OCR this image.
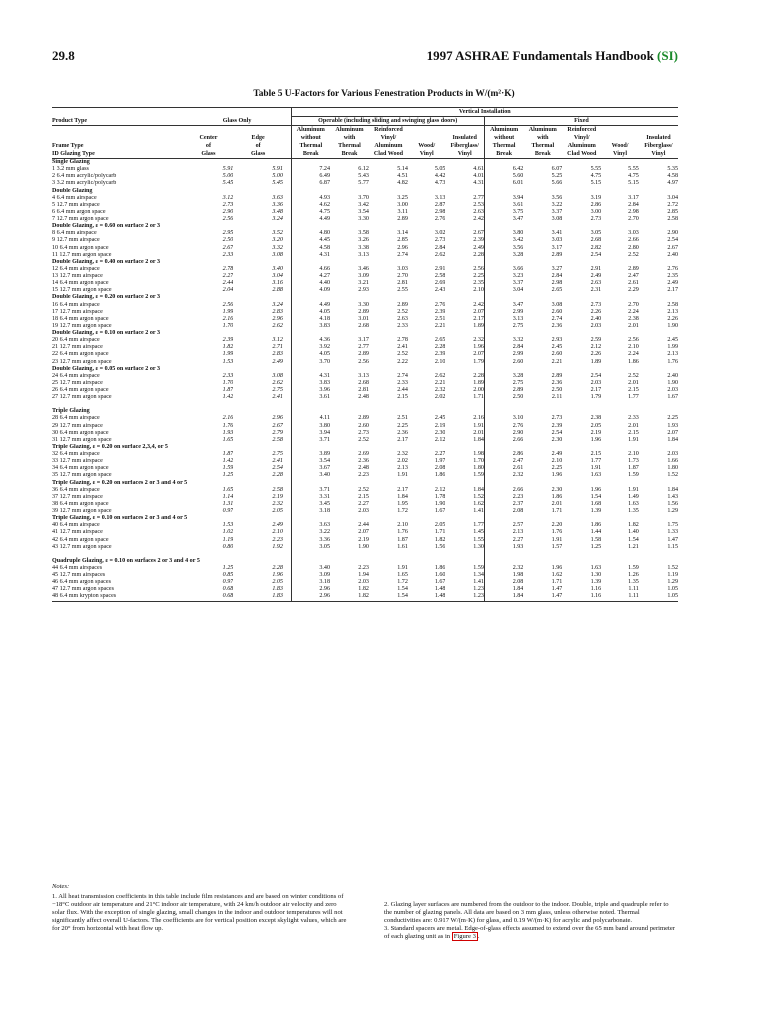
29.8	1997 ASHRAE Fundamentals Handbook (SI)
Table 5 U-Factors for Various Fenestration Products in W/(m²·K)
				Vertical Installation									
Product Type	Glass Only			Operable (including sliding and swinging glass doors)					Fixed				
				Aluminum	Aluminum	Reinforced			Aluminum	Aluminum	Reinforced		
	Center	Edge		without	with	Vinyl/		Insulated	without	with	Vinyl/		Insulated
Frame Type	of	of		Thermal	Thermal	Aluminum	Wood/	Fiberglass/	Thermal	Thermal	Aluminum	Wood/	Fiberglass/
ID Glazing Type	Glass	Glass		Break	Break	Clad Wood	Vinyl	Vinyl	Break	Break	Clad Wood	Vinyl	Vinyl
Single Glazing													
1 3.2 mm glass	5.91	5.91		7.24	6.12	5.14	5.05	4.61	6.42	6.07	5.55	5.55	5.35
2 6.4 mm acrylic/polycarb	5.00	5.00		6.49	5.43	4.51	4.42	4.01	5.60	5.25	4.75	4.75	4.58
3 3.2 mm acrylic/polycarb	5.45	5.45		6.87	5.77	4.82	4.73	4.31	6.01	5.66	5.15	5.15	4.97
Double Glazing													
4 6.4 mm airspace	3.12	3.63		4.93	3.70	3.25	3.13	2.77	3.94	3.56	3.19	3.17	3.04
5 12.7 mm airspace	2.73	3.36		4.62	3.42	3.00	2.87	2.53	3.61	3.22	2.86	2.84	2.72
6 6.4 mm argon space	2.90	3.48		4.75	3.54	3.11	2.98	2.63	3.75	3.37	3.00	2.98	2.85
7 12.7 mm argon space	2.56	3.24		4.49	3.30	2.89	2.76	2.42	3.47	3.08	2.73	2.70	2.58
Double Glazing, ε = 0.60 on surface 2 or 3													
8 6.4 mm airspace	2.95	3.52		4.80	3.58	3.14	3.02	2.67	3.80	3.41	3.05	3.03	2.90
9 12.7 mm airspace	2.50	3.20		4.45	3.26	2.85	2.73	2.39	3.42	3.03	2.68	2.66	2.54
10 6.4 mm argon space	2.67	3.32		4.58	3.38	2.96	2.84	2.49	3.56	3.17	2.82	2.80	2.67
11 12.7 mm argon space	2.33	3.08		4.31	3.13	2.74	2.62	2.28	3.28	2.89	2.54	2.52	2.40
Double Glazing, ε = 0.40 on surface 2 or 3													
12 6.4 mm airspace	2.78	3.40		4.66	3.46	3.03	2.91	2.56	3.66	3.27	2.91	2.89	2.76
13 12.7 mm airspace	2.27	3.04		4.27	3.09	2.70	2.58	2.25	3.23	2.84	2.49	2.47	2.35
14 6.4 mm argon space	2.44	3.16		4.40	3.21	2.81	2.69	2.35	3.37	2.98	2.63	2.61	2.49
15 12.7 mm argon space	2.04	2.88		4.09	2.93	2.55	2.43	2.10	3.04	2.65	2.31	2.29	2.17
Double Glazing, ε = 0.20 on surface 2 or 3													
16 6.4 mm airspace	2.56	3.24		4.49	3.30	2.89	2.76	2.42	3.47	3.08	2.73	2.70	2.58
17 12.7 mm airspace	1.99	2.83		4.05	2.89	2.52	2.39	2.07	2.99	2.60	2.26	2.24	2.13
18 6.4 mm argon space	2.16	2.96		4.18	3.01	2.63	2.51	2.17	3.13	2.74	2.40	2.38	2.26
19 12.7 mm argon space	1.70	2.62		3.83	2.68	2.33	2.21	1.89	2.75	2.36	2.03	2.01	1.90
Double Glazing, ε = 0.10 on surface 2 or 3													
20 6.4 mm airspace	2.39	3.12		4.36	3.17	2.78	2.65	2.32	3.32	2.93	2.59	2.56	2.45
21 12.7 mm airspace	1.82	2.71		3.92	2.77	2.41	2.28	1.96	2.84	2.45	2.12	2.10	1.99
22 6.4 mm argon space	1.99	2.83		4.05	2.89	2.52	2.39	2.07	2.99	2.60	2.26	2.24	2.13
23 12.7 mm argon space	1.53	2.49		3.70	2.56	2.22	2.10	1.79	2.60	2.21	1.89	1.86	1.76
Double Glazing, ε = 0.05 on surface 2 or 3													
24 6.4 mm airspace	2.33	3.08		4.31	3.13	2.74	2.62	2.28	3.28	2.89	2.54	2.52	2.40
25 12.7 mm airspace	1.70	2.62		3.83	2.68	2.33	2.21	1.89	2.75	2.36	2.03	2.01	1.90
26 6.4 mm argon space	1.87	2.75		3.96	2.81	2.44	2.32	2.00	2.89	2.50	2.17	2.15	2.03
27 12.7 mm argon space	1.42	2.41		3.61	2.48	2.15	2.02	1.71	2.50	2.11	1.79	1.77	1.67
Triple Glazing													
28 6.4 mm airspace	2.16	2.96		4.11	2.89	2.51	2.45	2.16	3.10	2.73	2.38	2.33	2.25
29 12.7 mm airspace	1.76	2.67		3.80	2.60	2.25	2.19	1.91	2.76	2.39	2.05	2.01	1.93
30 6.4 mm argon space	1.93	2.79		3.94	2.73	2.36	2.30	2.01	2.90	2.54	2.19	2.15	2.07
31 12.7 mm argon space	1.65	2.58		3.71	2.52	2.17	2.12	1.84	2.66	2.30	1.96	1.91	1.84
Triple Glazing, ε = 0.20 on surface 2,3,4, or 5													
32 6.4 mm airspace	1.87	2.75		3.89	2.69	2.32	2.27	1.98	2.86	2.49	2.15	2.10	2.03
33 12.7 mm airspace	1.42	2.41		3.54	2.36	2.02	1.97	1.70	2.47	2.10	1.77	1.73	1.66
34 6.4 mm argon space	1.59	2.54		3.67	2.48	2.13	2.08	1.80	2.61	2.25	1.91	1.87	1.80
35 12.7 mm argon space	1.25	2.28		3.40	2.23	1.91	1.86	1.59	2.32	1.96	1.63	1.59	1.52
Triple Glazing, ε = 0.20 on surfaces 2 or 3 and 4 or 5													
36 6.4 mm airspace	1.65	2.58		3.71	2.52	2.17	2.12	1.84	2.66	2.30	1.96	1.91	1.84
37 12.7 mm airspace	1.14	2.19		3.31	2.15	1.84	1.78	1.52	2.23	1.86	1.54	1.49	1.43
38 6.4 mm argon space	1.31	2.32		3.45	2.27	1.95	1.90	1.62	2.37	2.01	1.68	1.63	1.56
39 12.7 mm argon space	0.97	2.05		3.18	2.03	1.72	1.67	1.41	2.08	1.71	1.39	1.35	1.29
Triple Glazing, ε = 0.10 on surfaces 2 or 3 and 4 or 5													
40 6.4 mm airspace	1.53	2.49		3.63	2.44	2.10	2.05	1.77	2.57	2.20	1.86	1.82	1.75
41 12.7 mm airspace	1.02	2.10		3.22	2.07	1.76	1.71	1.45	2.13	1.76	1.44	1.40	1.33
42 6.4 mm argon space	1.19	2.23		3.36	2.19	1.87	1.82	1.55	2.27	1.91	1.58	1.54	1.47
43 12.7 mm argon space	0.80	1.92		3.05	1.90	1.61	1.56	1.30	1.93	1.57	1.25	1.21	1.15
Quadruple Glazing, ε = 0.10 on surfaces 2 or 3 and 4 or 5													
44 6.4 mm airspaces	1.25	2.28		3.40	2.23	1.91	1.86	1.59	2.32	1.96	1.63	1.59	1.52
45 12.7 mm airspaces	0.85	1.96		3.09	1.94	1.65	1.60	1.34	1.98	1.62	1.30	1.26	1.19
46 6.4 mm argon spaces	0.97	2.05		3.18	2.03	1.72	1.67	1.41	2.08	1.71	1.39	1.35	1.29
47 12.7 mm argon spaces	0.68	1.83		2.96	1.82	1.54	1.48	1.23	1.84	1.47	1.16	1.11	1.05
48 6.4 mm krypton spaces	0.68	1.83		2.96	1.82	1.54	1.48	1.23	1.84	1.47	1.16	1.11	1.05
Notes:
1. All heat transmission coefficients in this table include film resistances and are based on winter conditions of −18°C outdoor air temperature and 21°C indoor air temperature, with 24 km/h outdoor air velocity and zero solar flux. With the exception of single glazing, small changes in the indoor and outdoor temperatures will not significantly affect overall U-factors. The coefficients are for vertical position except skylight values, which are for 20° from horizontal with heat flow up.
2. Glazing layer surfaces are numbered from the outdoor to the indoor. Double, triple and quadruple refer to the number of glazing panels. All data are based on 3 mm glass, unless otherwise noted. Thermal conductivities are: 0.917 W/(m·K) for glass, and 0.19 W/(m·K) for acrylic and polycarbonate.
3. Standard spacers are metal. Edge-of-glass effects assumed to extend over the 65 mm band around perimeter of each glazing unit as in Figure 3 .
